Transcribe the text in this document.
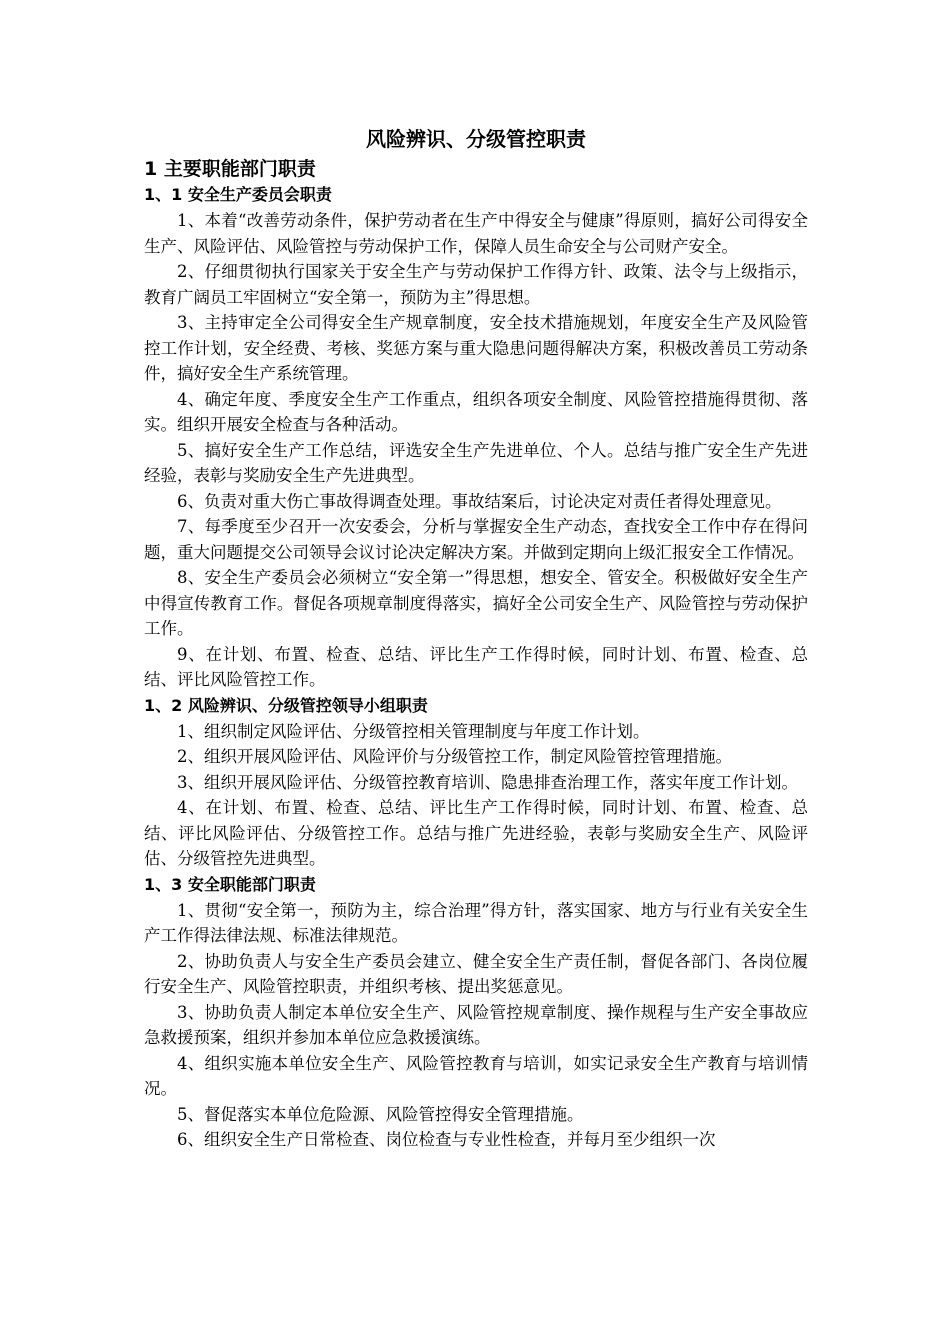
风险辨识、分级管控职责
1 主要职能部门职责
1、1 安全生产委员会职责

1、本着“改善劳动条件，保护劳动者在生产中得安全与健康”得原则，搞好公司得安全生产、风险评估、风险管控与劳动保护工作，保障人员生命安全与公司财产安全。

2、仔细贯彻执行国家关于安全生产与劳动保护工作得方针、政策、法令与上级指示，教育广阔员工牢固树立“安全第一，预防为主”得思想。

3、主持审定全公司得安全生产规章制度，安全技术措施规划，年度安全生产及风险管控工作计划，安全经费、考核、奖惩方案与重大隐患问题得解决方案，积极改善员工劳动条件，搞好安全生产系统管理。

4、确定年度、季度安全生产工作重点，组织各项安全制度、风险管控措施得贯彻、落实。组织开展安全检查与各种活动。

5、搞好安全生产工作总结，评选安全生产先进单位、个人。总结与推广安全生产先进经验，表彰与奖励安全生产先进典型。

6、负责对重大伤亡事故得调查处理。事故结案后，讨论决定对责任者得处理意见。

7、每季度至少召开一次安委会，分析与掌握安全生产动态，查找安全工作中存在得问题，重大问题提交公司领导会议讨论决定解决方案。并做到定期向上级汇报安全工作情况。

8、安全生产委员会必须树立“安全第一”得思想，想安全、管安全。积极做好安全生产中得宣传教育工作。督促各项规章制度得落实，搞好全公司安全生产、风险管控与劳动保护工作。

9、在计划、布置、检查、总结、评比生产工作得时候，同时计划、布置、检查、总结、评比风险管控工作。

1、2 风险辨识、分级管控领导小组职责

1、组织制定风险评估、分级管控相关管理制度与年度工作计划。

2、组织开展风险评估、风险评价与分级管控工作，制定风险管控管理措施。

3、组织开展风险评估、分级管控教育培训、隐患排查治理工作，落实年度工作计划。

4、在计划、布置、检查、总结、评比生产工作得时候，同时计划、布置、检查、总结、评比风险评估、分级管控工作。总结与推广先进经验，表彰与奖励安全生产、风险评估、分级管控先进典型。

1、3 安全职能部门职责

1、贯彻“安全第一，预防为主，综合治理”得方针，落实国家、地方与行业有关安全生产工作得法律法规、标准法律规范。

2、协助负责人与安全生产委员会建立、健全安全生产责任制，督促各部门、各岗位履行安全生产、风险管控职责，并组织考核、提出奖惩意见。

3、协助负责人制定本单位安全生产、风险管控规章制度、操作规程与生产安全事故应急救援预案，组织并参加本单位应急救援演练。

4、组织实施本单位安全生产、风险管控教育与培训，如实记录安全生产教育与培训情况。

5、督促落实本单位危险源、风险管控得安全管理措施。

6、组织安全生产日常检查、岗位检查与专业性检查，并每月至少组织一次
